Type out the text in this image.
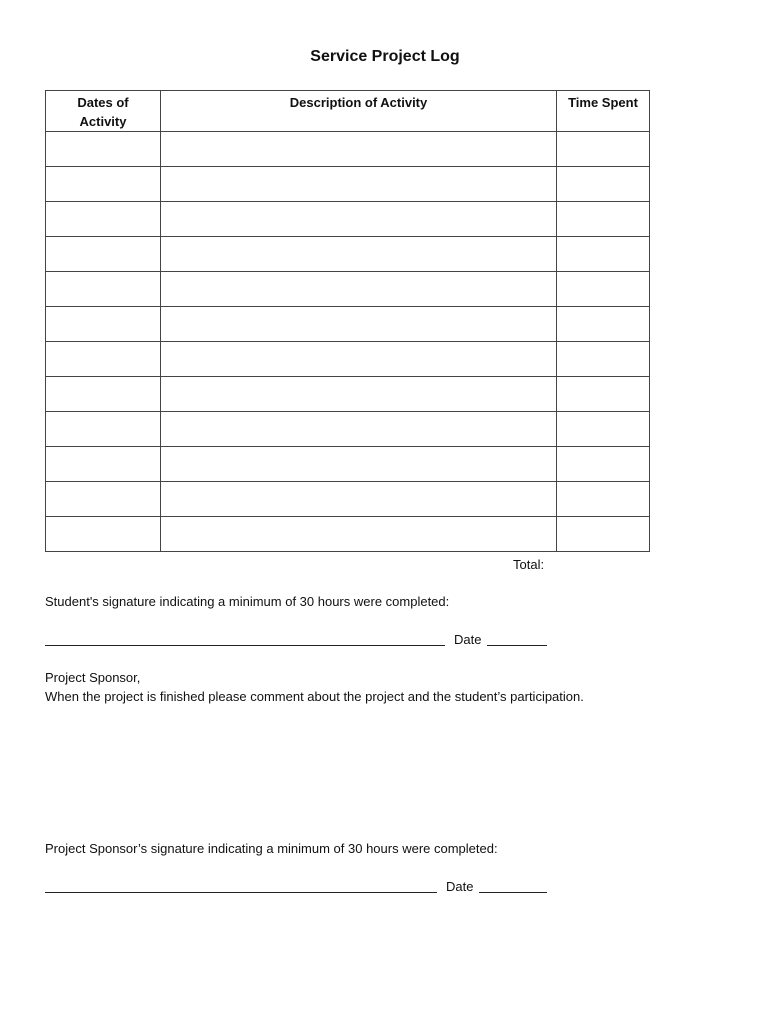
Service Project Log
Dates of Activity	Description of Activity	Time Spent

Total:
Student's signature indicating a minimum of 30 hours were completed:
Date
Project Sponsor,
When the project is finished please comment about the project and the student’s participation.
Project Sponsor’s signature indicating a minimum of 30 hours were completed:
Date
